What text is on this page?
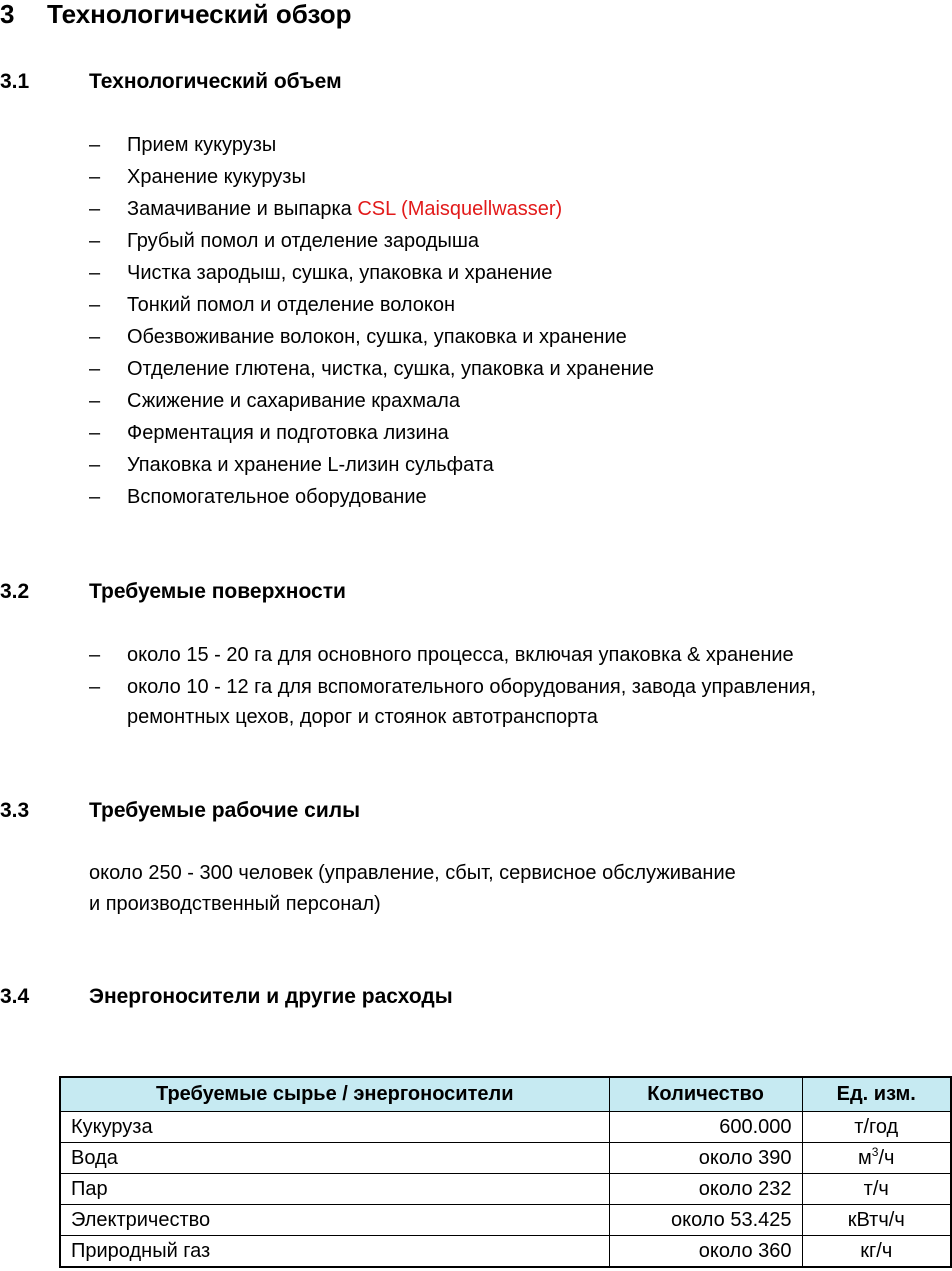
3 Технологический обзор
3.1	Технологический объем
– Прием кукурузы
– Хранение кукурузы
– Замачивание и выпарка CSL (Maisquellwasser)
– Грубый помол и отделение зародыша
– Чистка зародыш, сушка, упаковка и хранение
– Тонкий помол и отделение волокон
– Обезвоживание волокон, сушка, упаковка и хранение
– Отделение глютена, чистка, сушка, упаковка и хранение
– Сжижение и сахаривание крахмала
– Ферментация и подготовка лизина
– Упаковка и хранение L-лизин сульфата
– Вспомогательное оборудование
3.2	Требуемые поверхности
– около 15 - 20 га для основного процесса, включая упаковка & хранение
– около 10 - 12 га для вспомогательного оборудования, завода управления,
ремонтных цехов, дорог и стоянок автотранспорта
3.3	Требуемые рабочие силы
около 250 - 300 человек (управление, сбыт, сервисное обслуживание
и производственный персонал)
3.4	Энергоносители и другие расходы
Требуемые сырье / энергоносители	Количество	Ед. изм.
Кукуруза	600.000	т/год
Вода	около 390	$м^3/ч$
Пар	около 232	т/ч
Электричество	около 53.425	кВтч/ч
Природный газ	около 360	кг/ч
